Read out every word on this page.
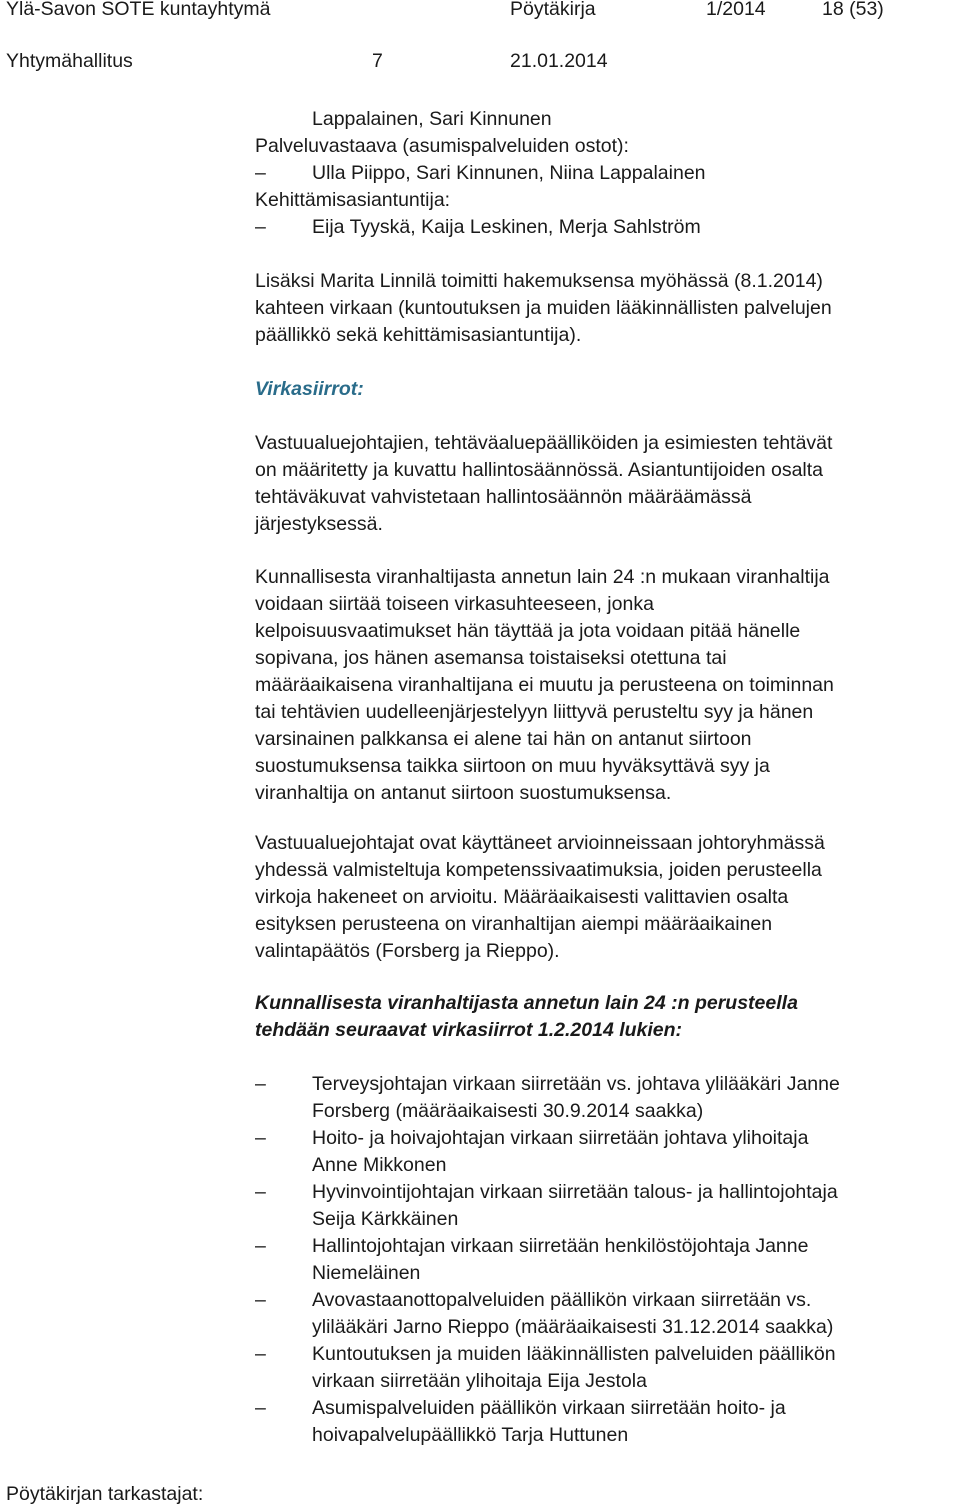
Ylä-Savon SOTE kuntayhtymä	Pöytäkirja	1/2014	18 (53)
Yhtymähallitus	7	21.01.2014
Lappalainen, Sari Kinnunen
Palveluvastaava (asumispalveluiden ostot):
– Ulla Piippo, Sari Kinnunen, Niina Lappalainen
Kehittämisasiantuntija:
– Eija Tyyskä, Kaija Leskinen, Merja Sahlström
Lisäksi Marita Linnilä toimitti hakemuksensa myöhässä (8.1.2014)
kahteen virkaan (kuntoutuksen ja muiden lääkinnällisten palvelujen
päällikkö sekä kehittämisasiantuntija).
Virkasiirrot:
Vastuualuejohtajien, tehtäväaluepäälliköiden ja esimiesten tehtävät
on määritetty ja kuvattu hallintosäännössä. Asiantuntijoiden osalta
tehtäväkuvat vahvistetaan hallintosäännön määräämässä
järjestyksessä.
Kunnallisesta viranhaltijasta annetun lain 24 :n mukaan viranhaltija
voidaan siirtää toiseen virkasuhteeseen, jonka
kelpoisuusvaatimukset hän täyttää ja jota voidaan pitää hänelle
sopivana, jos hänen asemansa toistaiseksi otettuna tai
määräaikaisena viranhaltijana ei muutu ja perusteena on toiminnan
tai tehtävien uudelleenjärjestelyyn liittyvä perusteltu syy ja hänen
varsinainen palkkansa ei alene tai hän on antanut siirtoon
suostumuksensa taikka siirtoon on muu hyväksyttävä syy ja
viranhaltija on antanut siirtoon suostumuksensa.
Vastuualuejohtajat ovat käyttäneet arvioinneissaan johtoryhmässä
yhdessä valmisteltuja kompetenssivaatimuksia, joiden perusteella
virkoja hakeneet on arvioitu. Määräaikaisesti valittavien osalta
esityksen perusteena on viranhaltijan aiempi määräaikainen
valintapäätös (Forsberg ja Rieppo).
Kunnallisesta viranhaltijasta annetun lain 24 :n perusteella
tehdään seuraavat virkasiirrot 1.2.2014 lukien:
– Terveysjohtajan virkaan siirretään vs. johtava ylilääkäri Janne
Forsberg (määräaikaisesti 30.9.2014 saakka)
– Hoito- ja hoivajohtajan virkaan siirretään johtava ylihoitaja
Anne Mikkonen
– Hyvinvointijohtajan virkaan siirretään talous- ja hallintojohtaja
Seija Kärkkäinen
– Hallintojohtajan virkaan siirretään henkilöstöjohtaja Janne
Niemeläinen
– Avovastaanottopalveluiden päällikön virkaan siirretään vs.
ylilääkäri Jarno Rieppo (määräaikaisesti 31.12.2014 saakka)
– Kuntoutuksen ja muiden lääkinnällisten palveluiden päällikön
virkaan siirretään ylihoitaja Eija Jestola
– Asumispalveluiden päällikön virkaan siirretään hoito- ja
hoivapalvelupäällikkö Tarja Huttunen
Pöytäkirjan tarkastajat:
